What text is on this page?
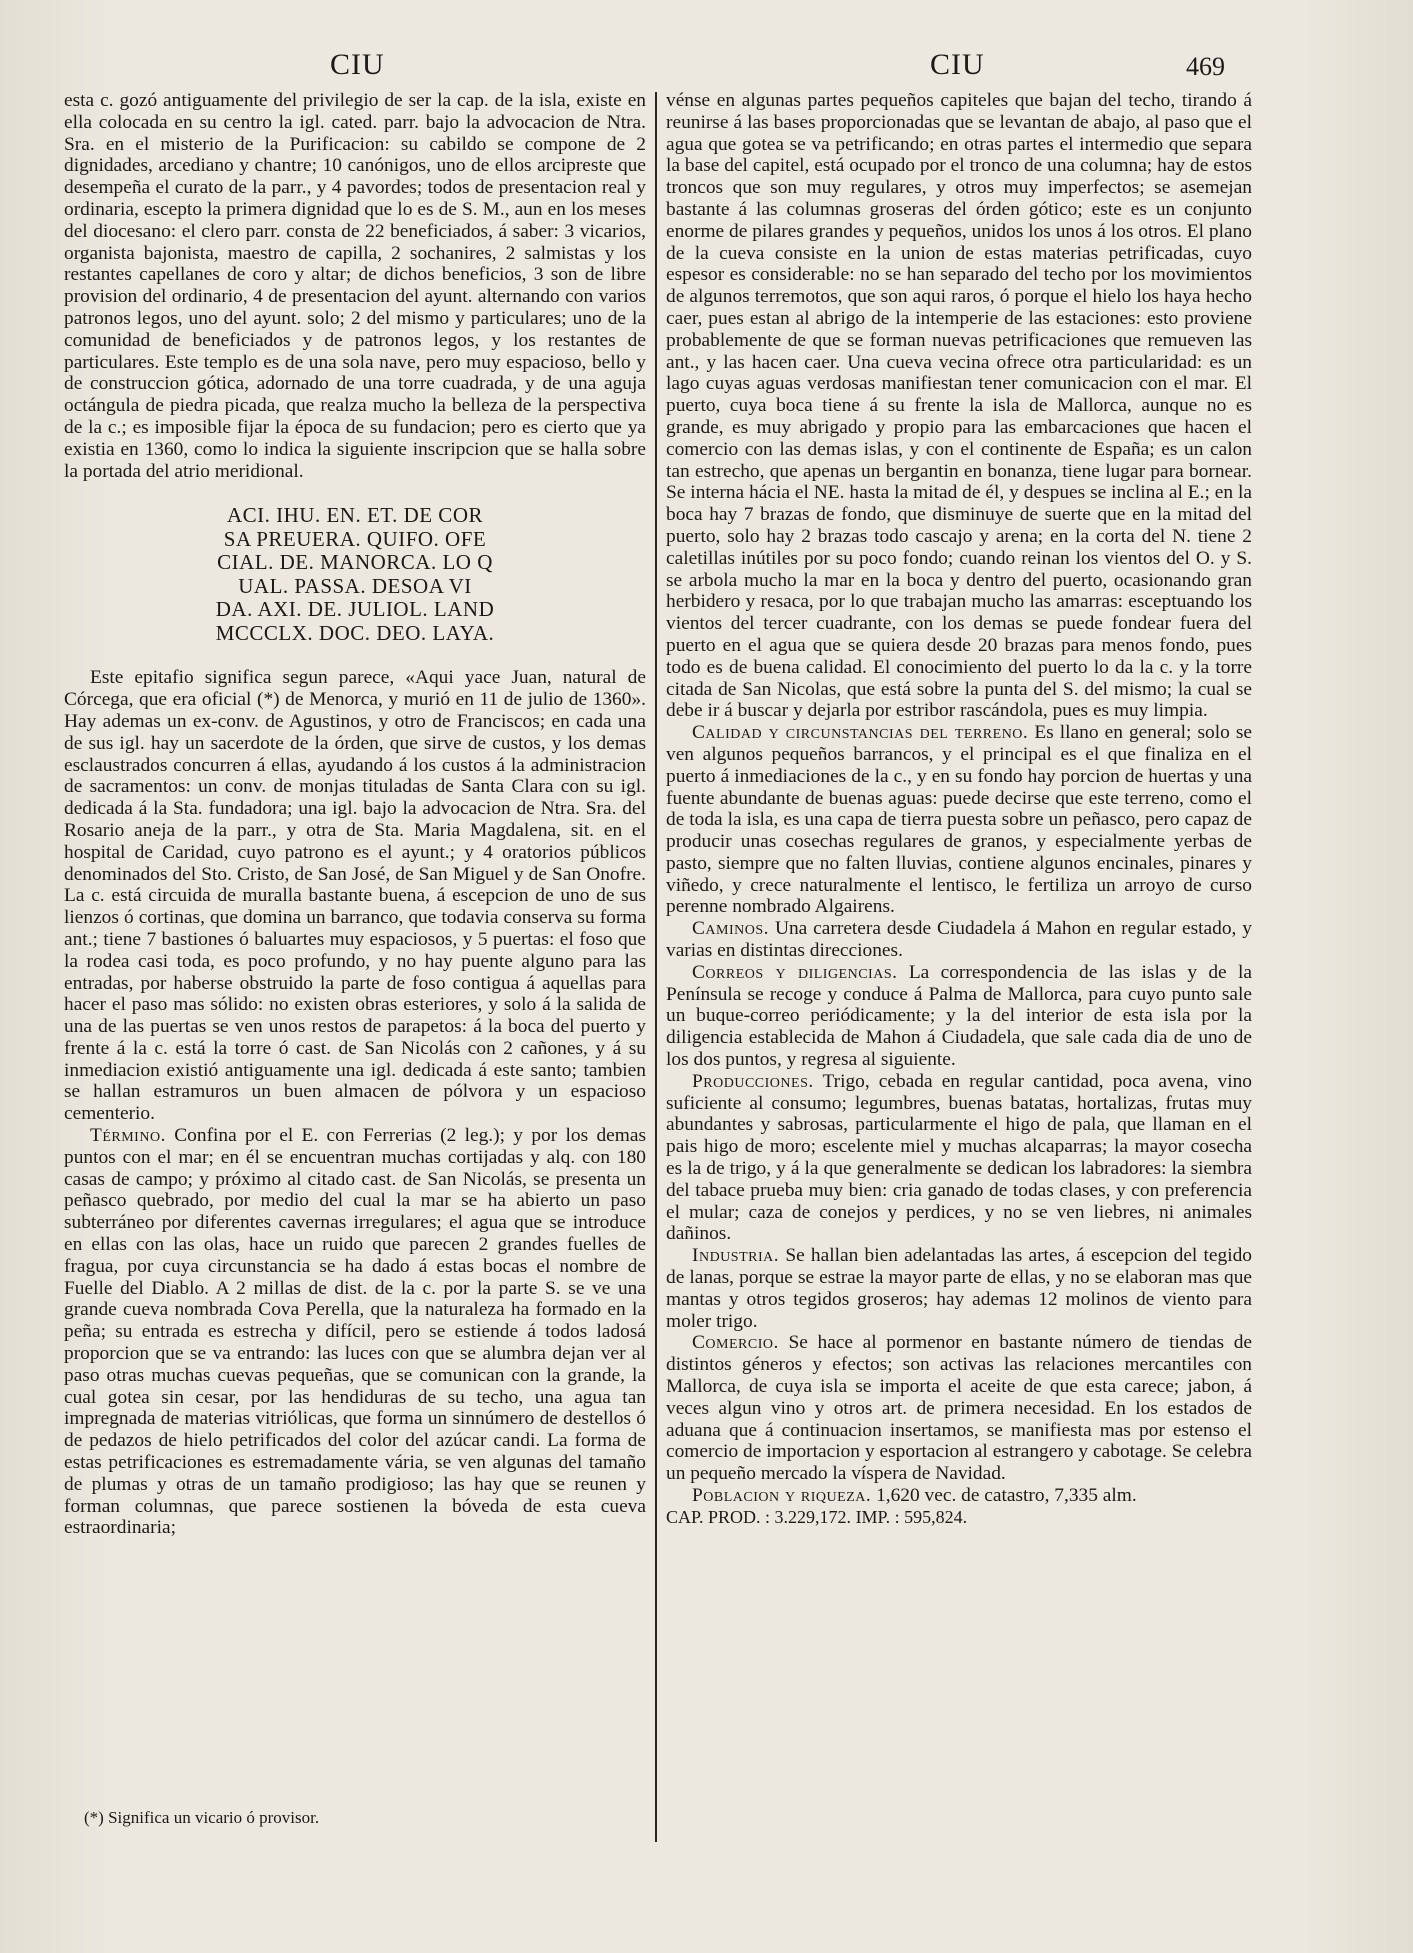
CIU	CIU	469

esta c. gozó antiguamente del privilegio de ser la cap. de la isla, existe en ella colocada en su centro la igl. cated. parr. bajo la advocacion de Ntra. Sra. en el misterio de la Purificacion: su cabildo se compone de 2 dignidades, arcediano y chantre; 10 canónigos, uno de ellos arcipreste que desempeña el curato de la parr., y 4 pavordes; todos de presentacion real y ordinaria, escepto la primera dignidad que lo es de S. M., aun en los meses del diocesano: el clero parr. consta de 22 beneficiados, á saber: 3 vicarios, organista bajonista, maestro de capilla, 2 sochanires, 2 salmistas y los restantes capellanes de coro y altar; de dichos beneficios, 3 son de libre provision del ordinario, 4 de presentacion del ayunt. alternando con varios patronos legos, uno del ayunt. solo; 2 del mismo y particulares; uno de la comunidad de beneficiados y de patronos legos, y los restantes de particulares. Este templo es de una sola nave, pero muy espacioso, bello y de construccion gótica, adornado de una torre cuadrada, y de una aguja octángula de piedra picada, que realza mucho la belleza de la perspectiva de la c.; es imposible fijar la época de su fundacion; pero es cierto que ya existia en 1360, como lo indica la siguiente inscripcion que se halla sobre la portada del atrio meridional.

ACI. IHU. EN. ET. DE COR
SA PREUERA. QUIFO. OFE
CIAL. DE. MANORCA. LO Q
UAL. PASSA. DESOA VI
DA. AXI. DE. JULIOL. LAND
MCCCLX. DOC. DEO. LAYA.

Este epitafio significa segun parece, «Aqui yace Juan, natural de Córcega, que era oficial (*) de Menorca, y murió en 11 de julio de 1360». Hay ademas un ex-conv. de Agustinos, y otro de Franciscos; en cada una de sus igl. hay un sacerdote de la órden, que sirve de custos, y los demas esclaustrados concurren á ellas, ayudando á los custos á la administracion de sacramentos: un conv. de monjas tituladas de Santa Clara con su igl. dedicada á la Sta. fundadora; una igl. bajo la advocacion de Ntra. Sra. del Rosario aneja de la parr., y otra de Sta. Maria Magdalena, sit. en el hospital de Caridad, cuyo patrono es el ayunt.; y 4 oratorios públicos denominados del Sto. Cristo, de San José, de San Miguel y de San Onofre. La c. está circuida de muralla bastante buena, á escepcion de uno de sus lienzos ó cortinas, que domina un barranco, que todavia conserva su forma ant.; tiene 7 bastiones ó baluartes muy espaciosos, y 5 puertas: el foso que la rodea casi toda, es poco profundo, y no hay puente alguno para las entradas, por haberse obstruido la parte de foso contigua á aquellas para hacer el paso mas sólido: no existen obras esteriores, y solo á la salida de una de las puertas se ven unos restos de parapetos: á la boca del puerto y frente á la c. está la torre ó cast. de San Nicolás con 2 cañones, y á su inmediacion existió antiguamente una igl. dedicada á este santo; tambien se hallan estramuros un buen almacen de pólvora y un espacioso cementerio.

Término. Confina por el E. con Ferrerias (2 leg.); y por los demas puntos con el mar; en él se encuentran muchas cortijadas y alq. con 180 casas de campo; y próximo al citado cast. de San Nicolás, se presenta un peñasco quebrado, por medio del cual la mar se ha abierto un paso subterráneo por diferentes cavernas irregulares; el agua que se introduce en ellas con las olas, hace un ruido que parecen 2 grandes fuelles de fragua, por cuya circunstancia se ha dado á estas bocas el nombre de Fuelle del Diablo. A 2 millas de dist. de la c. por la parte S. se ve una grande cueva nombrada Cova Perella, que la naturaleza ha formado en la peña; su entrada es estrecha y difícil, pero se estiende á todos ladosá proporcion que se va entrando: las luces con que se alumbra dejan ver al paso otras muchas cuevas pequeñas, que se comunican con la grande, la cual gotea sin cesar, por las hendiduras de su techo, una agua tan impregnada de materias vitriólicas, que forma un sinnúmero de destellos ó de pedazos de hielo petrificados del color del azúcar candi. La forma de estas petrificaciones es estremadamente vária, se ven algunas del tamaño de plumas y otras de un tamaño prodigioso; las hay que se reunen y forman columnas, que parece sostienen la bóveda de esta cueva estraordinaria;

(*) Significa un vicario ó provisor.

vénse en algunas partes pequeños capiteles que bajan del techo, tirando á reunirse á las bases proporcionadas que se levantan de abajo, al paso que el agua que gotea se va petrificando; en otras partes el intermedio que separa la base del capitel, está ocupado por el tronco de una columna; hay de estos troncos que son muy regulares, y otros muy imperfectos; se asemejan bastante á las columnas groseras del órden gótico; este es un conjunto enorme de pilares grandes y pequeños, unidos los unos á los otros. El plano de la cueva consiste en la union de estas materias petrificadas, cuyo espesor es considerable: no se han separado del techo por los movimientos de algunos terremotos, que son aqui raros, ó porque el hielo los haya hecho caer, pues estan al abrigo de la intemperie de las estaciones: esto proviene probablemente de que se forman nuevas petrificaciones que remueven las ant., y las hacen caer. Una cueva vecina ofrece otra particularidad: es un lago cuyas aguas verdosas manifiestan tener comunicacion con el mar. El puerto, cuya boca tiene á su frente la isla de Mallorca, aunque no es grande, es muy abrigado y propio para las embarcaciones que hacen el comercio con las demas islas, y con el continente de España; es un calon tan estrecho, que apenas un bergantin en bonanza, tiene lugar para bornear. Se interna hácia el NE. hasta la mitad de él, y despues se inclina al E.; en la boca hay 7 brazas de fondo, que disminuye de suerte que en la mitad del puerto, solo hay 2 brazas todo cascajo y arena; en la corta del N. tiene 2 caletillas inútiles por su poco fondo; cuando reinan los vientos del O. y S. se arbola mucho la mar en la boca y dentro del puerto, ocasionando gran herbidero y resaca, por lo que trabajan mucho las amarras: esceptuando los vientos del tercer cuadrante, con los demas se puede fondear fuera del puerto en el agua que se quiera desde 20 brazas para menos fondo, pues todo es de buena calidad. El conocimiento del puerto lo da la c. y la torre citada de San Nicolas, que está sobre la punta del S. del mismo; la cual se debe ir á buscar y dejarla por estribor rascándola, pues es muy limpia.

Calidad y circunstancias del terreno. Es llano en general; solo se ven algunos pequeños barrancos, y el principal es el que finaliza en el puerto á inmediaciones de la c., y en su fondo hay porcion de huertas y una fuente abundante de buenas aguas: puede decirse que este terreno, como el de toda la isla, es una capa de tierra puesta sobre un peñasco, pero capaz de producir unas cosechas regulares de granos, y especialmente yerbas de pasto, siempre que no falten lluvias, contiene algunos encinales, pinares y viñedo, y crece naturalmente el lentisco, le fertiliza un arroyo de curso perenne nombrado Algairens.

Caminos. Una carretera desde Ciudadela á Mahon en regular estado, y varias en distintas direcciones.

Correos y diligencias. La correspondencia de las islas y de la Península se recoge y conduce á Palma de Mallorca, para cuyo punto sale un buque-correo periódicamente; y la del interior de esta isla por la diligencia establecida de Mahon á Ciudadela, que sale cada dia de uno de los dos puntos, y regresa al siguiente.

Producciones. Trigo, cebada en regular cantidad, poca avena, vino suficiente al consumo; legumbres, buenas batatas, hortalizas, frutas muy abundantes y sabrosas, particularmente el higo de pala, que llaman en el pais higo de moro; escelente miel y muchas alcaparras; la mayor cosecha es la de trigo, y á la que generalmente se dedican los labradores: la siembra del tabace prueba muy bien: cria ganado de todas clases, y con preferencia el mular; caza de conejos y perdices, y no se ven liebres, ni animales dañinos.

Industria. Se hallan bien adelantadas las artes, á escepcion del tegido de lanas, porque se estrae la mayor parte de ellas, y no se elaboran mas que mantas y otros tegidos groseros; hay ademas 12 molinos de viento para moler trigo.

Comercio. Se hace al pormenor en bastante número de tiendas de distintos géneros y efectos; son activas las relaciones mercantiles con Mallorca, de cuya isla se importa el aceite de que esta carece; jabon, á veces algun vino y otros art. de primera necesidad. En los estados de aduana que á continuacion insertamos, se manifiesta mas por estenso el comercio de importacion y esportacion al estrangero y cabotage. Se celebra un pequeño mercado la víspera de Navidad.

Poblacion y riqueza. 1,620 vec. de catastro, 7,335 alm.

CAP. PROD. : 3.229,172. IMP. : 595,824.
